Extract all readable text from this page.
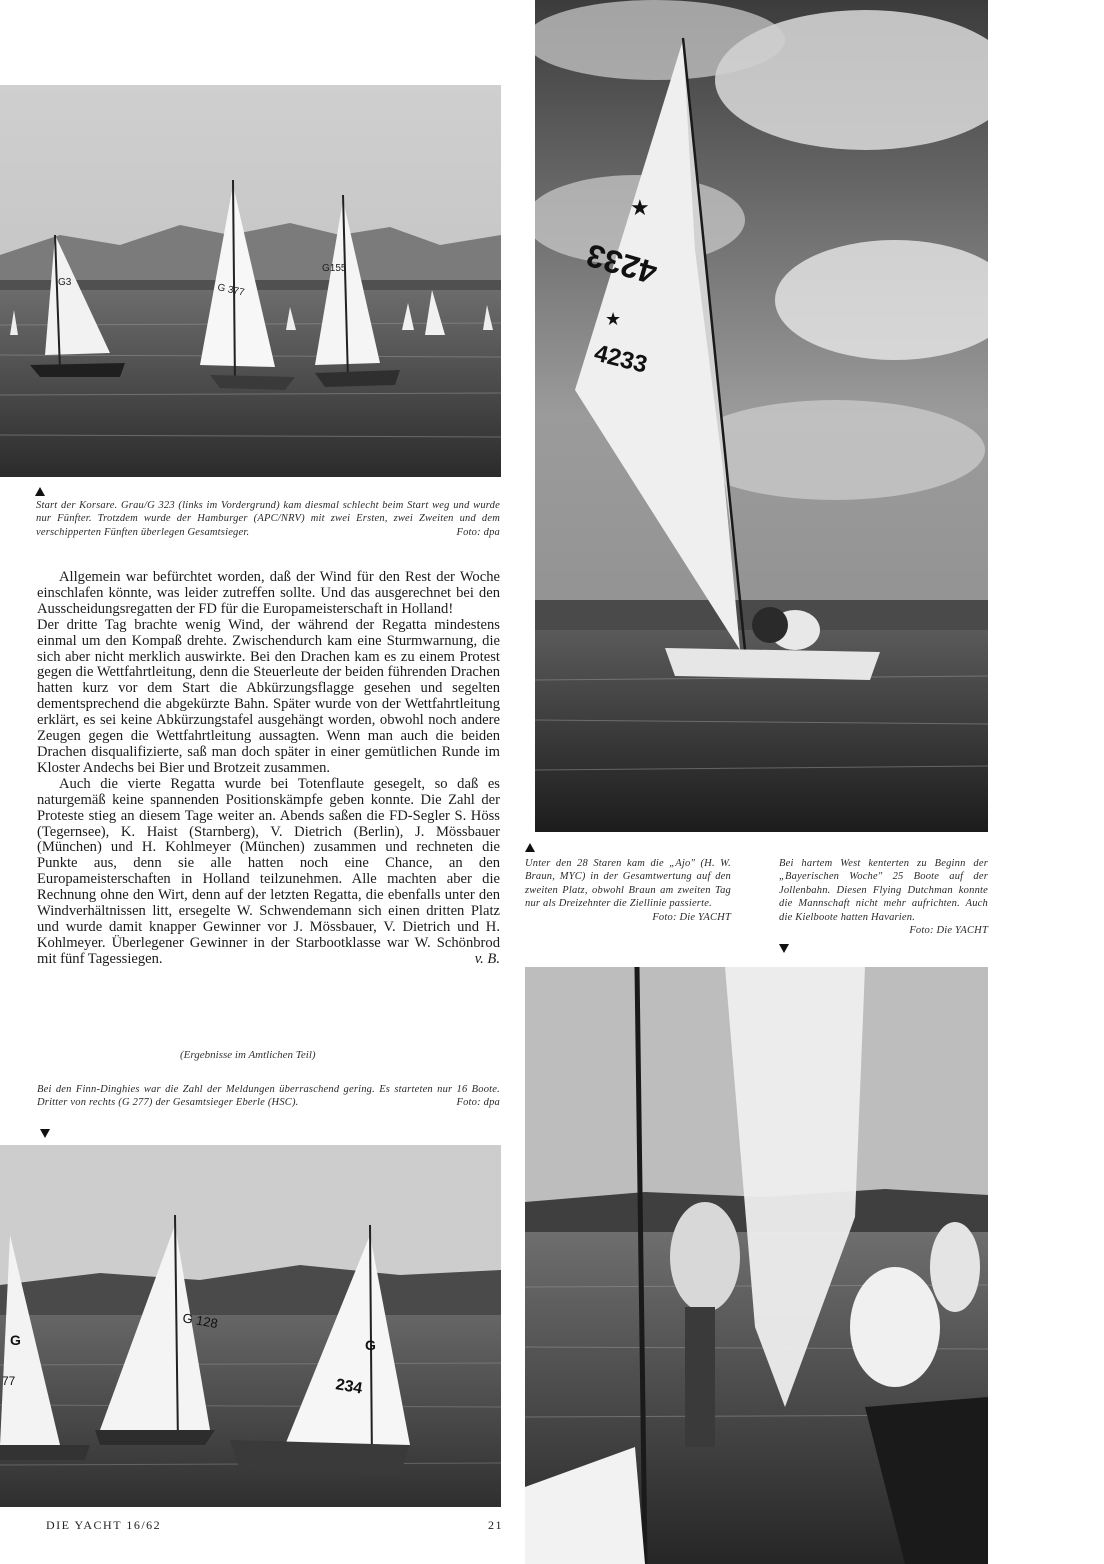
G 377
G155
G3
Start der Korsare. Grau/G 323 (links im Vordergrund) kam diesmal schlecht beim Start weg und wurde nur Fünfter. Trotzdem wurde der Hamburger (APC/NRV) mit zwei Ersten, zwei Zweiten und dem verschipperten Fünften überlegen Gesamtsieger.	Foto: dpa
4233
4233
★
★
Unter den 28 Staren kam die „Ajo" (H. W. Braun, MYC) in der Gesamtwertung auf den zweiten Platz, obwohl Braun am zweiten Tag nur als Dreizehnter die Ziellinie passierte.
Foto: Die YACHT
Bei hartem West kenterten zu Beginn der „Bayerischen Woche" 25 Boote auf der Jollenbahn. Diesen Flying Dutchman konnte die Mannschaft nicht mehr aufrichten. Auch die Kielboote hatten Havarien.
Foto: Die YACHT

Allgemein war befürchtet worden, daß der Wind für den Rest der Woche einschlafen könnte, was leider zutreffen sollte. Und das ausgerechnet bei den Ausscheidungsregatten der FD für die Europameisterschaft in Holland!

Der dritte Tag brachte wenig Wind, der während der Regatta mindestens einmal um den Kompaß drehte. Zwischendurch kam eine Sturmwarnung, die sich aber nicht merklich auswirkte. Bei den Drachen kam es zu einem Protest gegen die Wettfahrtleitung, denn die Steuerleute der beiden führenden Drachen hatten kurz vor dem Start die Abkürzungsflagge gesehen und segelten dementsprechend die abgekürzte Bahn. Später wurde von der Wettfahrtleitung erklärt, es sei keine Abkürzungstafel ausgehängt worden, obwohl noch andere Zeugen gegen die Wettfahrtleitung aussagten. Wenn man auch die beiden Drachen disqualifizierte, saß man doch später in einer gemütlichen Runde im Kloster Andechs bei Bier und Brotzeit zusammen.

Auch die vierte Regatta wurde bei Totenflaute gesegelt, so daß es naturgemäß keine spannenden Positionskämpfe geben konnte. Die Zahl der Proteste stieg an diesem Tage weiter an. Abends saßen die FD-Segler S. Höss (Tegernsee), K. Haist (Starnberg), V. Dietrich (Berlin), J. Mössbauer (München) und H. Kohlmeyer (München) zusammen und rechneten die Punkte aus, denn sie alle hatten noch eine Chance, an den Europameisterschaften in Holland teilzunehmen. Alle machten aber die Rechnung ohne den Wirt, denn auf der letzten Regatta, die ebenfalls unter den Windverhältnissen litt, ersegelte W. Schwendemann sich einen dritten Platz und wurde damit knapper Gewinner vor J. Mössbauer, V. Dietrich und H. Kohlmeyer. Überlegener Gewinner in der Starbootklasse war W. Schönbrod mit fünf Tagessiegen.	v. B.

(Ergebnisse im Amtlichen Teil)
Bei den Finn-Dinghies war die Zahl der Meldungen überraschend gering. Es starteten nur 16 Boote. Dritter von rechts (G 277) der Gesamtsieger Eberle (HSC).	Foto: dpa
G 128
234
G
G
77
DIE YACHT 16/62	21
